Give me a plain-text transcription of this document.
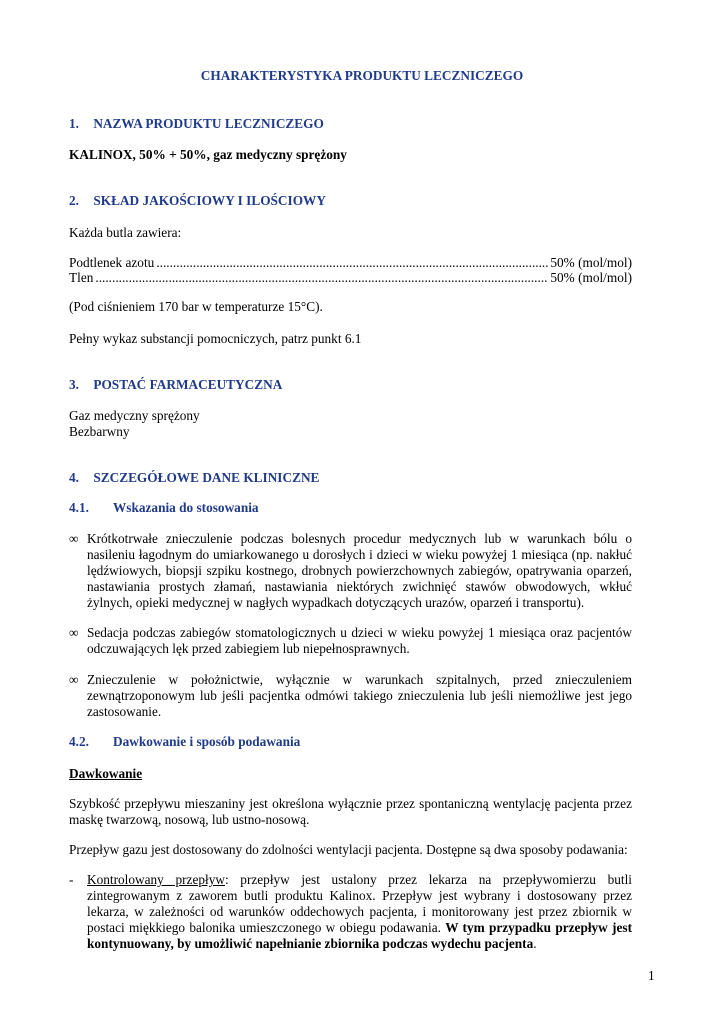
CHARAKTERYSTYKA PRODUKTU LECZNICZEGO

1. NAZWA PRODUKTU LECZNICZEGO

KALINOX, 50% + 50%, gaz medyczny sprężony

2. SKŁAD JAKOŚCIOWY I ILOŚCIOWY

Każda butla zawiera:

Podtlenek azotu .....	50% (mol/mol)
Tlen .....	50% (mol/mol)

(Pod ciśnieniem 170 bar w temperaturze 15°C).

Pełny wykaz substancji pomocniczych, patrz punkt 6.1

3. POSTAĆ FARMACEUTYCZNA

Gaz medyczny sprężony

Bezbarwny

4. SZCZEGÓŁOWE DANE KLINICZNE

4.1. Wskazania do stosowania

∞ Krótkotrwałe znieczulenie podczas bolesnych procedur medycznych lub w warunkach bólu o nasileniu łagodnym do umiarkowanego u dorosłych i dzieci w wieku powyżej 1 miesiąca (np. nakłuć lędźwiowych, biopsji szpiku kostnego, drobnych powierzchownych zabiegów, opatrywania oparzeń, nastawiania prostych złamań, nastawiania niektórych zwichnięć stawów obwodowych, wkłuć żylnych, opieki medycznej w nagłych wypadkach dotyczących urazów, oparzeń i transportu).
∞ Sedacja podczas zabiegów stomatologicznych u dzieci w wieku powyżej 1 miesiąca oraz pacjentów odczuwających lęk przed zabiegiem lub niepełnosprawnych.
∞ Znieczulenie w położnictwie, wyłącznie w warunkach szpitalnych, przed znieczuleniem zewnątrzoponowym lub jeśli pacjentka odmówi takiego znieczulenia lub jeśli niemożliwe jest jego zastosowanie.

4.2. Dawkowanie i sposób podawania

Dawkowanie

Szybkość przepływu mieszaniny jest określona wyłącznie przez spontaniczną wentylację pacjenta przez maskę twarzową, nosową, lub ustno-nosową.

Przepływ gazu jest dostosowany do zdolności wentylacji pacjenta. Dostępne są dwa sposoby podawania:

- Kontrolowany przepływ: przepływ jest ustalony przez lekarza na przepływomierzu butli zintegrowanym z zaworem butli produktu Kalinox. Przepływ jest wybrany i dostosowany przez lekarza, w zależności od warunków oddechowych pacjenta, i monitorowany jest przez zbiornik w postaci miękkiego balonika umieszczonego w obiegu podawania. W tym przypadku przepływ jest kontynuowany, by umożliwić napełnianie zbiornika podczas wydechu pacjenta.
1
